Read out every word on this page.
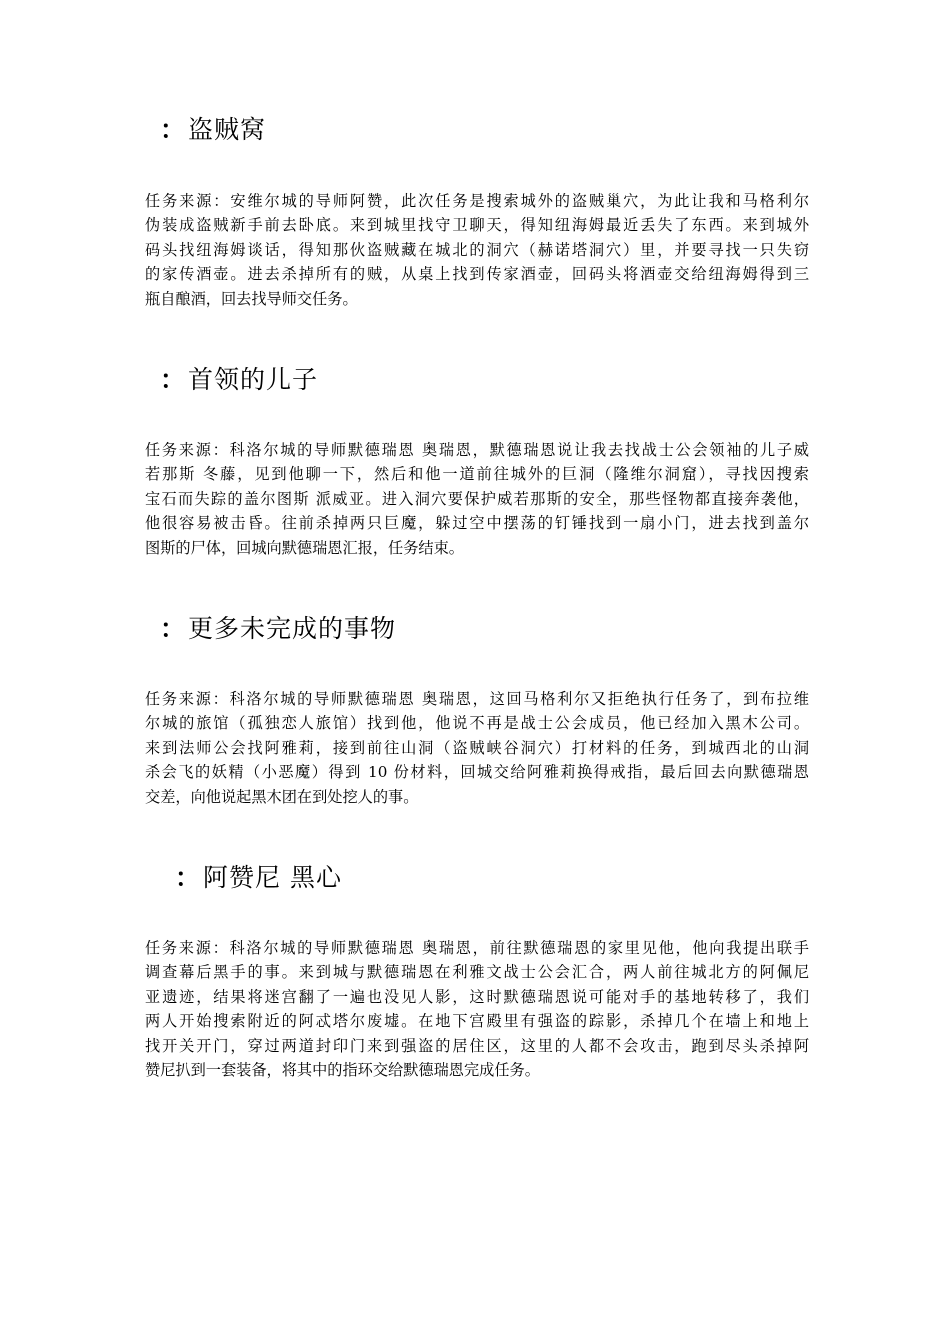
：盗贼窝
任务来源：安维尔城的导师阿赞，此次任务是搜索城外的盗贼巢穴，为此让我和马格利尔
伪装成盗贼新手前去卧底。来到城里找守卫聊天，得知纽海姆最近丢失了东西。来到城外
码头找纽海姆谈话，得知那伙盗贼藏在城北的洞穴（赫诺塔洞穴）里，并要寻找一只失窃
的家传酒壶。进去杀掉所有的贼，从桌上找到传家酒壶，回码头将酒壶交给纽海姆得到三
瓶自酿酒，回去找导师交任务。
：首领的儿子
任务来源：科洛尔城的导师默德瑞恩 奥瑞恩，默德瑞恩说让我去找战士公会领袖的儿子威
若那斯 冬藤，见到他聊一下，然后和他一道前往城外的巨洞（隆维尔洞窟），寻找因搜索
宝石而失踪的盖尔图斯 派威亚。进入洞穴要保护威若那斯的安全，那些怪物都直接奔袭他，
他很容易被击昏。往前杀掉两只巨魔，躲过空中摆荡的钉锤找到一扇小门，进去找到盖尔
图斯的尸体，回城向默德瑞恩汇报，任务结束。
：更多未完成的事物
任务来源：科洛尔城的导师默德瑞恩 奥瑞恩，这回马格利尔又拒绝执行任务了，到布拉维
尔城的旅馆（孤独恋人旅馆）找到他，他说不再是战士公会成员，他已经加入黑木公司。
来到法师公会找阿雅莉，接到前往山洞（盗贼峡谷洞穴）打材料的任务，到城西北的山洞
杀会飞的妖精（小恶魔）得到 10 份材料，回城交给阿雅莉换得戒指，最后回去向默德瑞恩
交差，向他说起黑木团在到处挖人的事。
：阿赞尼 黑心
任务来源：科洛尔城的导师默德瑞恩 奥瑞恩，前往默德瑞恩的家里见他，他向我提出联手
调查幕后黑手的事。来到城与默德瑞恩在利雅文战士公会汇合，两人前往城北方的阿佩尼
亚遗迹，结果将迷宫翻了一遍也没见人影，这时默德瑞恩说可能对手的基地转移了，我们
两人开始搜索附近的阿忒塔尔废墟。在地下宫殿里有强盗的踪影，杀掉几个在墙上和地上
找开关开门，穿过两道封印门来到强盗的居住区，这里的人都不会攻击，跑到尽头杀掉阿
赞尼扒到一套装备，将其中的指环交给默德瑞恩完成任务。
